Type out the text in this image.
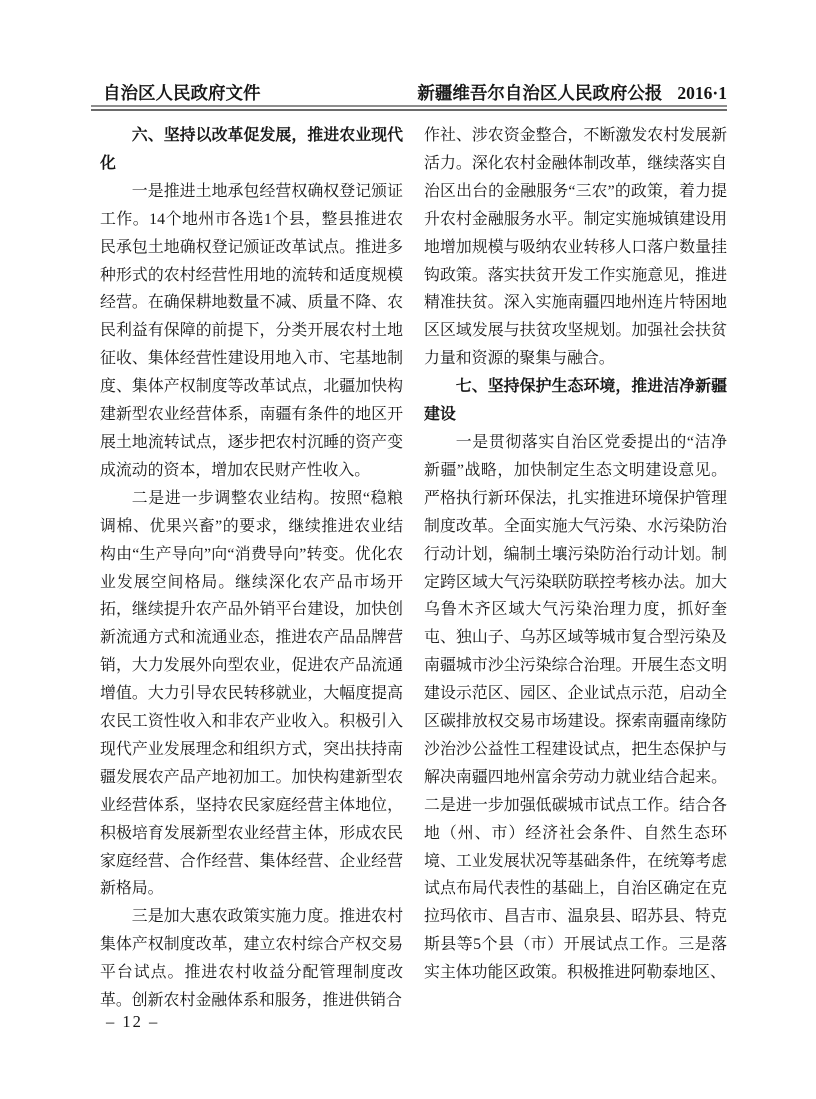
自治区人民政府文件	新疆维吾尔自治区人民政府公报 2016·1
六、坚持以改革促发展，推进农业现代化
一是推进土地承包经营权确权登记颁证工作。14个地州市各选1个县，整县推进农民承包土地确权登记颁证改革试点。推进多种形式的农村经营性用地的流转和适度规模经营。在确保耕地数量不减、质量不降、农民利益有保障的前提下，分类开展农村土地征收、集体经营性建设用地入市、宅基地制度、集体产权制度等改革试点，北疆加快构建新型农业经营体系，南疆有条件的地区开展土地流转试点，逐步把农村沉睡的资产变成流动的资本，增加农民财产性收入。
二是进一步调整农业结构。按照“稳粮调棉、优果兴畜”的要求，继续推进农业结构由“生产导向”向“消费导向”转变。优化农业发展空间格局。继续深化农产品市场开拓，继续提升农产品外销平台建设，加快创新流通方式和流通业态，推进农产品品牌营销，大力发展外向型农业，促进农产品流通增值。大力引导农民转移就业，大幅度提高农民工资性收入和非农产业收入。积极引入现代产业发展理念和组织方式，突出扶持南疆发展农产品产地初加工。加快构建新型农业经营体系，坚持农民家庭经营主体地位，积极培育发展新型农业经营主体，形成农民家庭经营、合作经营、集体经营、企业经营新格局。
三是加大惠农政策实施力度。推进农村集体产权制度改革，建立农村综合产权交易平台试点。推进农村收益分配管理制度改革。创新农村金融体系和服务，推进供销合
作社、涉农资金整合，不断激发农村发展新活力。深化农村金融体制改革，继续落实自治区出台的金融服务“三农”的政策，着力提升农村金融服务水平。制定实施城镇建设用地增加规模与吸纳农业转移人口落户数量挂钩政策。落实扶贫开发工作实施意见，推进精准扶贫。深入实施南疆四地州连片特困地区区域发展与扶贫攻坚规划。加强社会扶贫力量和资源的聚集与融合。
七、坚持保护生态环境，推进洁净新疆建设
一是贯彻落实自治区党委提出的“洁净新疆”战略，加快制定生态文明建设意见。严格执行新环保法，扎实推进环境保护管理制度改革。全面实施大气污染、水污染防治行动计划，编制土壤污染防治行动计划。制定跨区域大气污染联防联控考核办法。加大乌鲁木齐区域大气污染治理力度，抓好奎屯、独山子、乌苏区域等城市复合型污染及南疆城市沙尘污染综合治理。开展生态文明建设示范区、园区、企业试点示范，启动全区碳排放权交易市场建设。探索南疆南缘防沙治沙公益性工程建设试点，把生态保护与解决南疆四地州富余劳动力就业结合起来。二是进一步加强低碳城市试点工作。结合各地（州、市）经济社会条件、自然生态环境、工业发展状况等基础条件，在统筹考虑试点布局代表性的基础上，自治区确定在克拉玛依市、昌吉市、温泉县、昭苏县、特克斯县等5个县（市）开展试点工作。三是落实主体功能区政策。积极推进阿勒泰地区、
– 12 –
